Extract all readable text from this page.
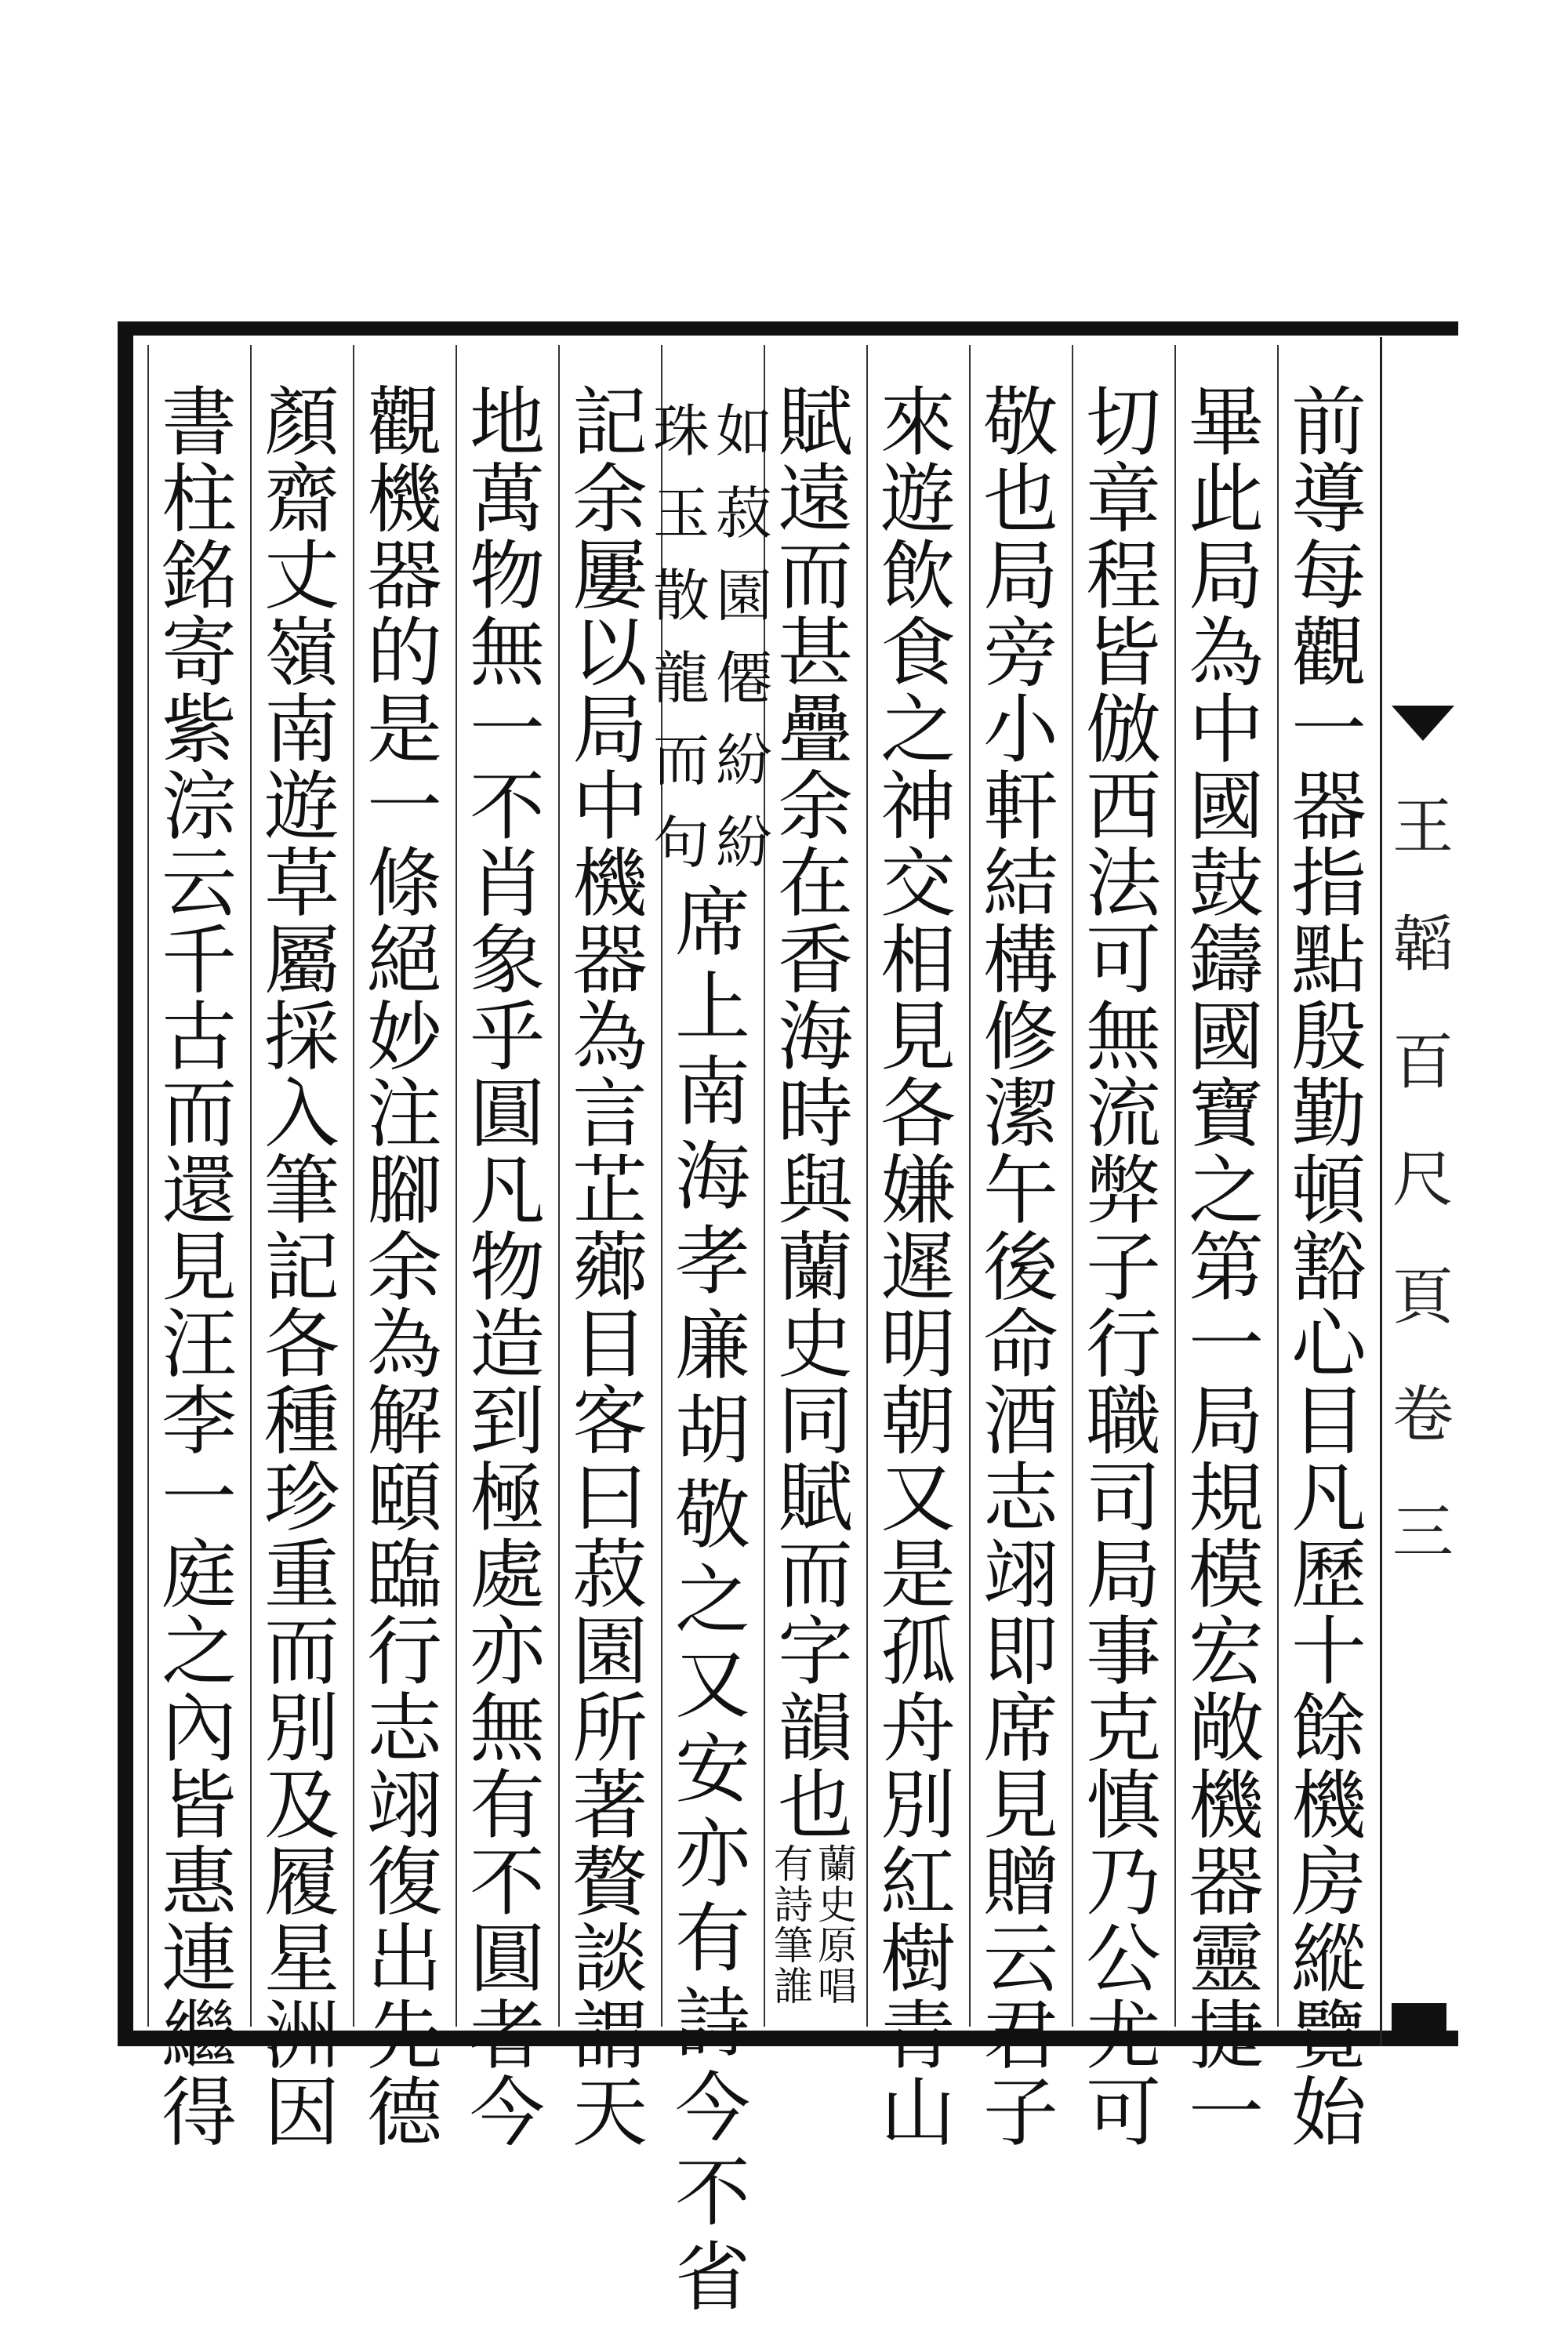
王
韜
百
尺
頁
卷
三
前
導
每
觀
一
器
指
點
殷
勤
頓
豁
心
目
凡
歷
十
餘
機
房
縱
覽
始
畢
此
局
為
中
國
鼓
鑄
國
寶
之
第
一
局
規
模
宏
敞
機
器
靈
捷
一
切
章
程
皆
倣
西
法
可
無
流
弊
子
行
職
司
局
事
克
慎
乃
公
尤
可
敬
也
局
旁
小
軒
結
構
修
潔
午
後
命
酒
志
翊
即
席
見
贈
云
君
子
來
遊
飲
食
之
神
交
相
見
各
嫌
遲
明
朝
又
是
孤
舟
別
紅
樹
青
山
賦
遠
而
甚
疊
余
在
香
海
時
與
蘭
史
同
賦
而
字
韻
也
蘭
史
原
唱
有
詩
筆
誰
如
菽
園
僊
紛
紛
珠
玉
散
龍
而
句
席
上
南
海
孝
廉
胡
敬
之
又
安
亦
有
詩
今
不
省
記
余
屢
以
局
中
機
器
為
言
芷
薌
目
客
曰
菽
園
所
著
贅
談
謂
天
地
萬
物
無
一
不
肖
象
乎
圓
凡
物
造
到
極
處
亦
無
有
不
圓
者
今
觀
機
器
的
是
一
條
絕
妙
注
腳
余
為
解
頤
臨
行
志
翊
復
出
先
德
顏
齋
丈
嶺
南
遊
草
屬
採
入
筆
記
各
種
珍
重
而
別
及
履
星
洲
因
書
柱
銘
寄
紫
淙
云
千
古
而
還
見
汪
李
一
庭
之
內
皆
惠
連
繼
得
